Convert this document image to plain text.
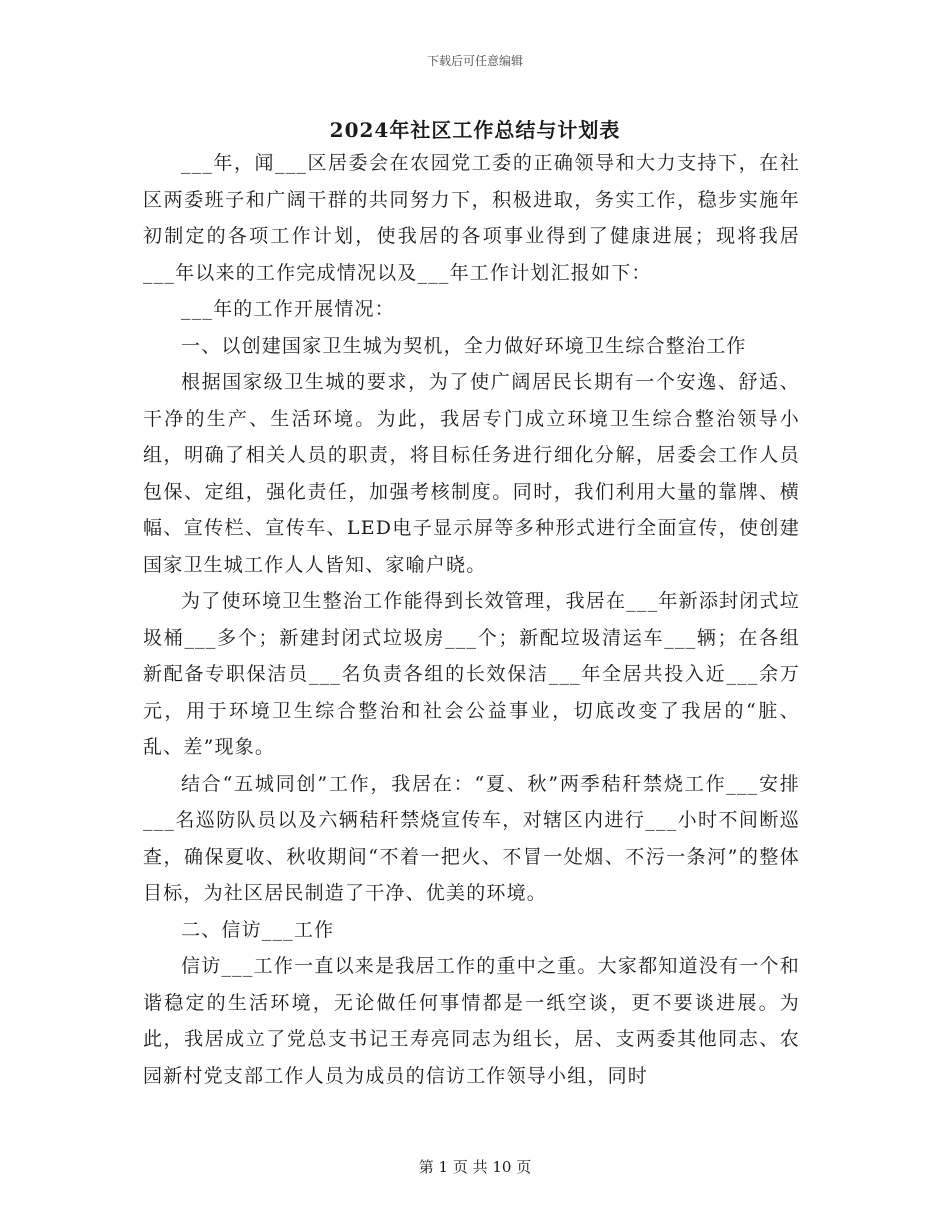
下载后可任意编辑
2024年社区工作总结与计划表

___年，闻___区居委会在农园党工委的正确领导和大力支持下，在社区两委班子和广阔干群的共同努力下，积极进取，务实工作，稳步实施年初制定的各项工作计划，使我居的各项事业得到了健康进展；现将我居___年以来的工作完成情况以及___年工作计划汇报如下：

___年的工作开展情况：

一、以创建国家卫生城为契机，全力做好环境卫生综合整治工作

根据国家级卫生城的要求，为了使广阔居民长期有一个安逸、舒适、干净的生产、生活环境。为此，我居专门成立环境卫生综合整治领导小组，明确了相关人员的职责，将目标任务进行细化分解，居委会工作人员包保、定组，强化责任，加强考核制度。同时，我们利用大量的靠牌、横幅、宣传栏、宣传车、LED电子显示屏等多种形式进行全面宣传，使创建国家卫生城工作人人皆知、家喻户晓。

为了使环境卫生整治工作能得到长效管理，我居在___年新添封闭式垃圾桶___多个；新建封闭式垃圾房___个；新配垃圾清运车___辆；在各组新配备专职保洁员___名负责各组的长效保洁___年全居共投入近___余万元，用于环境卫生综合整治和社会公益事业，切底改变了我居的“脏、乱、差”现象。

结合“五城同创”工作，我居在：“夏、秋”两季秸秆禁烧工作___安排___名巡防队员以及六辆秸秆禁烧宣传车，对辖区内进行___小时不间断巡查，确保夏收、秋收期间“不着一把火、不冒一处烟、不污一条河”的整体目标，为社区居民制造了干净、优美的环境。

二、信访___工作

信访___工作一直以来是我居工作的重中之重。大家都知道没有一个和谐稳定的生活环境，无论做任何事情都是一纸空谈，更不要谈进展。为此，我居成立了党总支书记王寿亮同志为组长，居、支两委其他同志、农园新村党支部工作人员为成员的信访工作领导小组，同时

第 1 页 共 10 页
